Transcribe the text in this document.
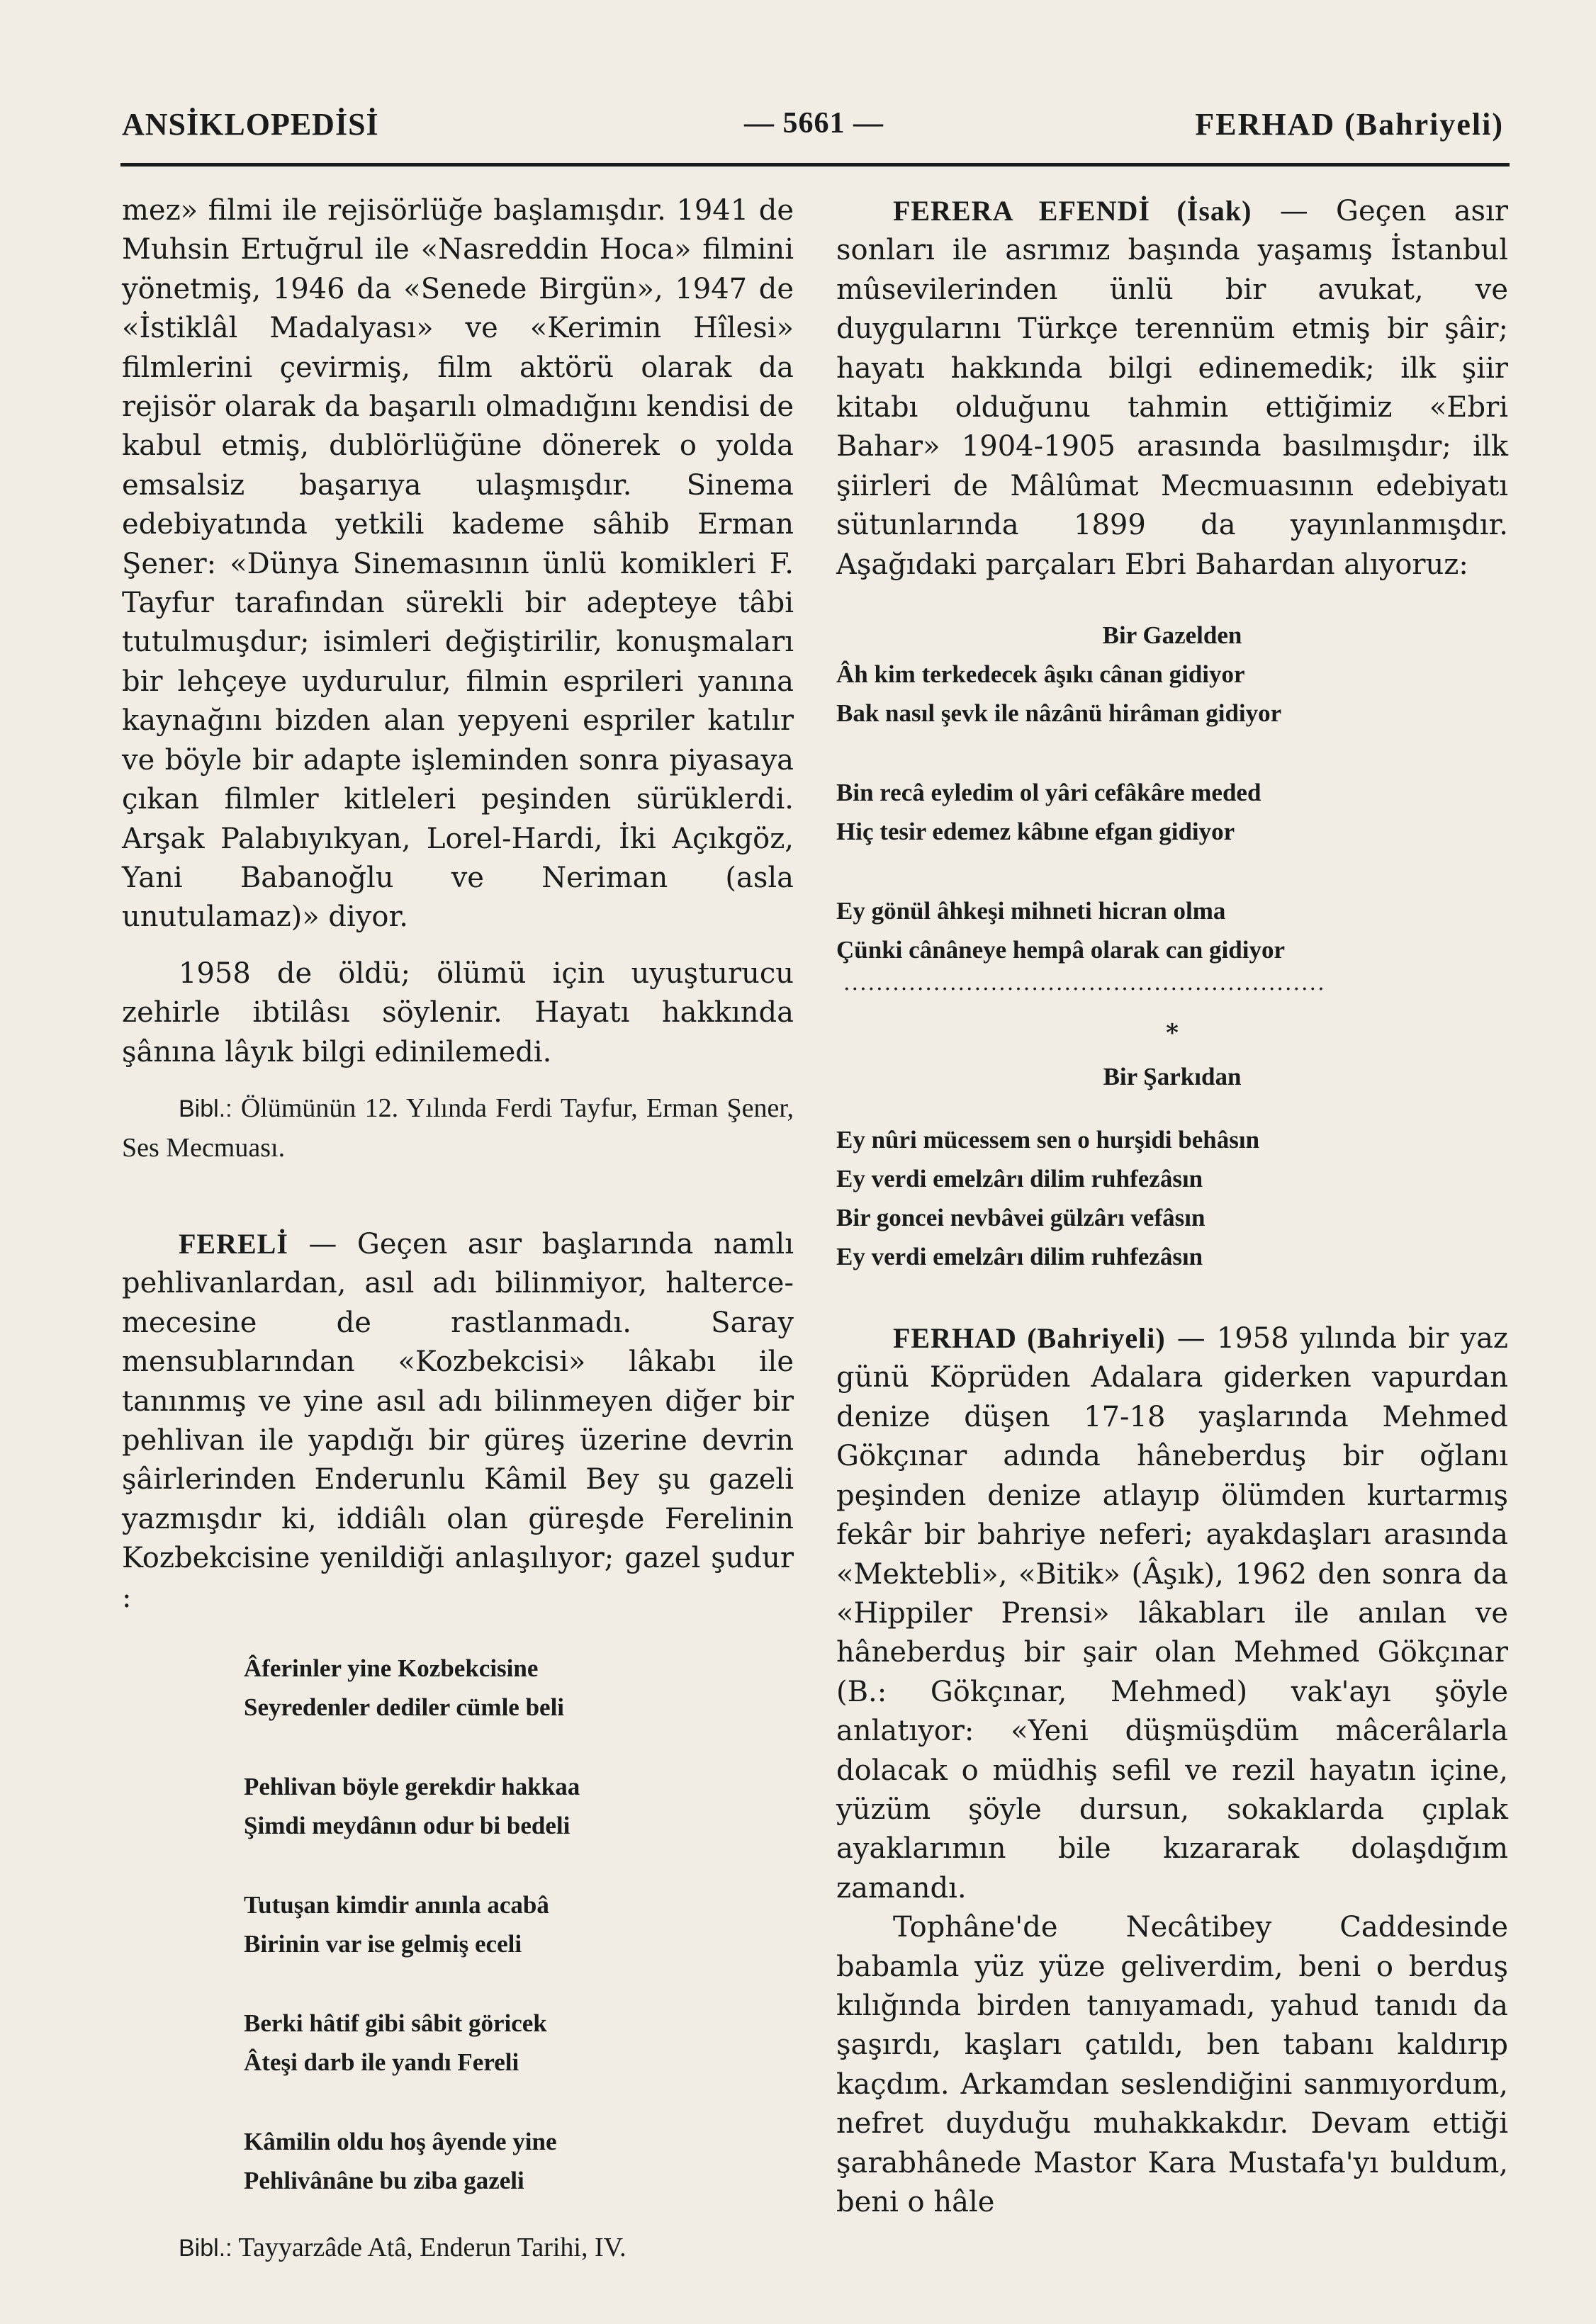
ANSİKLOPEDİSİ	— 5661 —	FERHAD (Bahriyeli)

mez» filmi ile rejisörlüğe başlamışdır. 1941 de Muhsin Ertuğrul ile «Nasreddin Hoca» filmini yönetmiş, 1946 da «Senede Birgün», 1947 de «İstiklâl Madalyası» ve «Kerimin Hîlesi» filmlerini çevirmiş, film aktörü olarak da rejisör olarak da başarılı olmadığını kendisi de kabul etmiş, dublörlüğüne dönerek o yolda emsalsiz başarıya ulaşmışdır. Sinema edebiyatında yetkili kademe sâhib Erman Şener: «Dünya Sinemasının ünlü komikleri F. Tayfur tarafından sürekli bir adepteye tâbi tutulmuşdur; isimleri değiştirilir, konuşmaları bir lehçeye uydurulur, filmin esprileri yanına kaynağını bizden alan yepyeni espriler katılır ve böyle bir adapte işleminden sonra piyasaya çıkan filmler kitleleri peşinden sürüklerdi. Arşak Palabıyıkyan, Lorel-Hardi, İki Açıkgöz, Yani Babanoğlu ve Neriman (asla unutulamaz)» diyor.

1958 de öldü; ölümü için uyuşturucu zehirle ibtilâsı söylenir. Hayatı hakkında şânına lâyık bilgi edinilemedi.

Bibl.: Ölümünün 12. Yılında Ferdi Tayfur, Erman Şener, Ses Mecmuası.

FERELİ — Geçen asır başlarında namlı pehlivanlardan, asıl adı bilinmiyor, halterce-mecesine de rastlanmadı. Saray mensublarından «Kozbekcisi» lâkabı ile tanınmış ve yine asıl adı bilinmeyen diğer bir pehlivan ile yapdığı bir güreş üzerine devrin şâirlerinden Enderunlu Kâmil Bey şu gazeli yazmışdır ki, iddiâlı olan güreşde Ferelinin Kozbekcisine yenildiği anlaşılıyor; gazel şudur :

Âferinler yine Kozbekcisine
Seyredenler dediler cümle beli
Pehlivan böyle gerekdir hakkaa
Şimdi meydânın odur bi bedeli
Tutuşan kimdir anınla acabâ
Birinin var ise gelmiş eceli
Berki hâtif gibi sâbit göricek
Âteşi darb ile yandı Fereli
Kâmilin oldu hoş âyende yine
Pehlivânâne bu ziba gazeli

Bibl.: Tayyarzâde Atâ, Enderun Tarihi, IV.

FERERA EFENDİ (İsak) — Geçen asır sonları ile asrımız başında yaşamış İstanbul mûsevilerinden ünlü bir avukat, ve duygularını Türkçe terennüm etmiş bir şâir; hayatı hakkında bilgi edinemedik; ilk şiir kitabı olduğunu tahmin ettiğimiz «Ebri Bahar» 1904-1905 arasında basılmışdır; ilk şiirleri de Mâlûmat Mecmuasının edebiyatı sütunlarında 1899 da yayınlanmışdır. Aşağıdaki parçaları Ebri Bahardan alıyoruz:

Bir Gazelden
Âh kim terkedecek âşıkı cânan gidiyor
Bak nasıl şevk ile nâzânü hirâman gidiyor
Bin recâ eyledim ol yâri cefâkâre meded
Hiç tesir edemez kâbıne efgan gidiyor
Ey gönül âhkeşi mihneti hicran olma
Çünki cânâneye hempâ olarak can gidiyor
...........................................................
*
Bir Şarkıdan
Ey nûri mücessem sen o hurşidi behâsın
Ey verdi emelzârı dilim ruhfezâsın
Bir goncei nevbâvei gülzârı vefâsın
Ey verdi emelzârı dilim ruhfezâsın

FERHAD (Bahriyeli) — 1958 yılında bir yaz günü Köprüden Adalara giderken vapurdan denize düşen 17-18 yaşlarında Mehmed Gökçınar adında hâneberduş bir oğlanı peşinden denize atlayıp ölümden kurtarmış fekâr bir bahriye neferi; ayakdaşları arasında «Mektebli», «Bitik» (Âşık), 1962 den sonra da «Hippiler Prensi» lâkabları ile anılan ve hâneberduş bir şair olan Mehmed Gökçınar (B.: Gökçınar, Mehmed) vak'ayı şöyle anlatıyor: «Yeni düşmüşdüm mâcerâlarla dolacak o müdhiş sefil ve rezil hayatın içine, yüzüm şöyle dursun, sokaklarda çıplak ayaklarımın bile kızararak dolaşdığım zamandı.

Tophâne'de Necâtibey Caddesinde babamla yüz yüze geliverdim, beni o berduş kılığında birden tanıyamadı, yahud tanıdı da şaşırdı, kaşları çatıldı, ben tabanı kaldırıp kaçdım. Arkamdan seslendiğini sanmıyordum, nefret duyduğu muhakkakdır. Devam ettiği şarabhânede Mastor Kara Mustafa'yı buldum, beni o hâle
